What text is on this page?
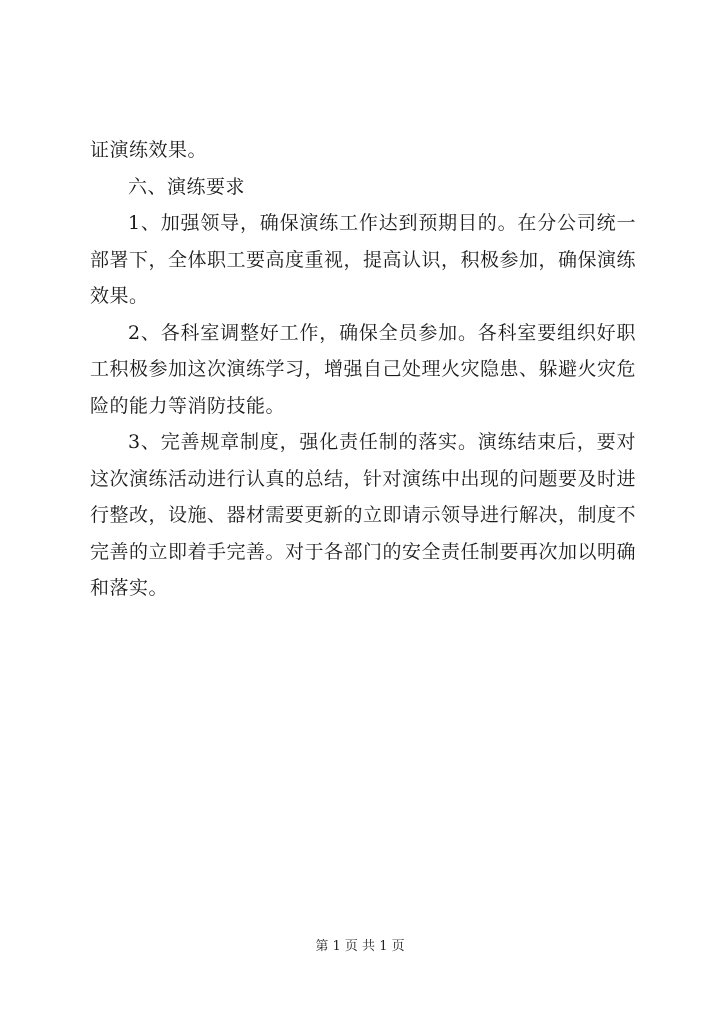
证演练效果。

六、演练要求

1、加强领导，确保演练工作达到预期目的。在分公司统一部署下，全体职工要高度重视，提高认识，积极参加，确保演练效果。

2、各科室调整好工作，确保全员参加。各科室要组织好职工积极参加这次演练学习，增强自己处理火灾隐患、躲避火灾危险的能力等消防技能。

3、完善规章制度，强化责任制的落实。演练结束后，要对这次演练活动进行认真的总结，针对演练中出现的问题要及时进行整改，设施、器材需要更新的立即请示领导进行解决，制度不完善的立即着手完善。对于各部门的安全责任制要再次加以明确和落实。

第 1 页 共 1 页
